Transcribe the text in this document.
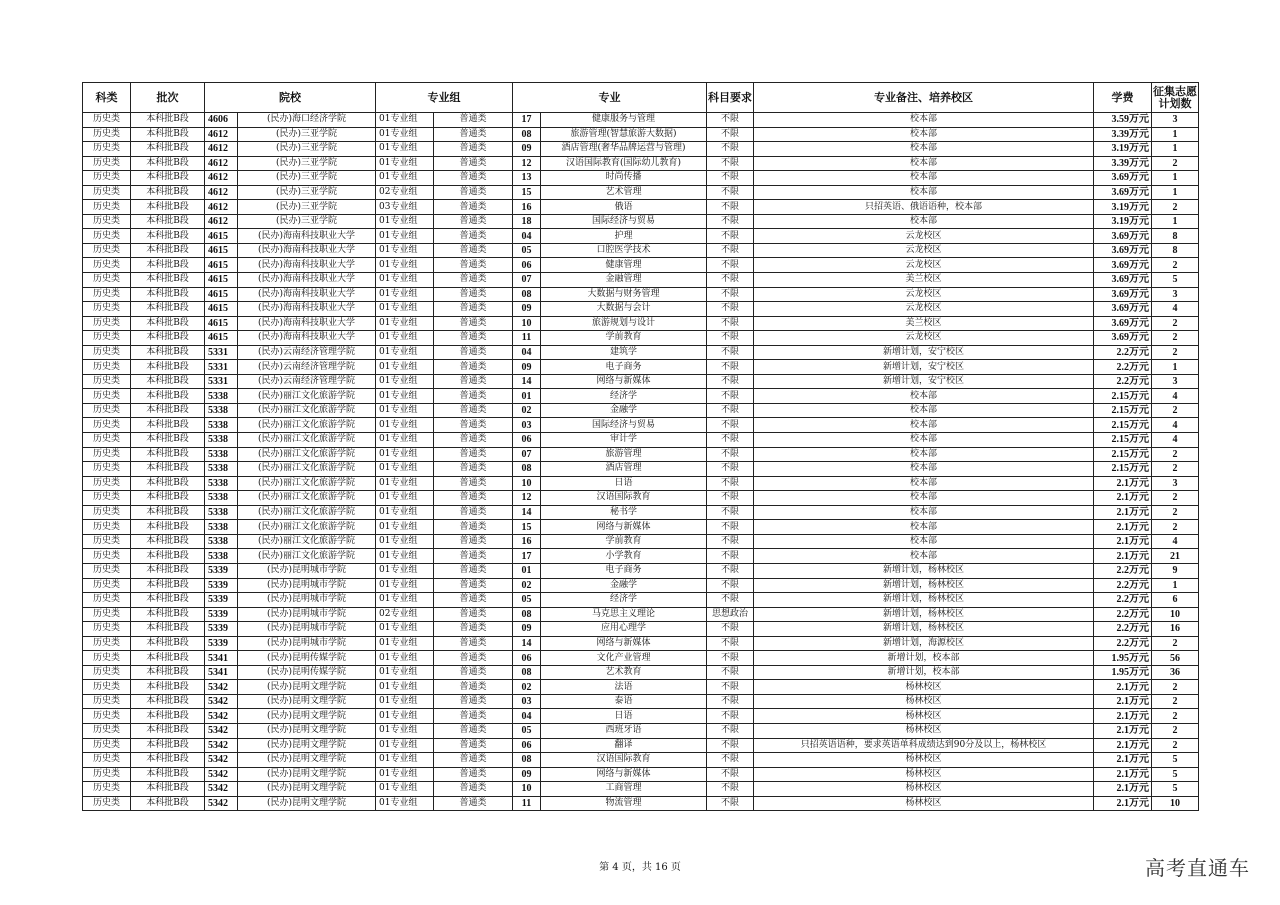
科类	批次	院校		专业组		专业		科目要求	专业备注、培养校区	学费	征集志愿
计划数
历史类	本科批B段	4606	(民办)海口经济学院	01专业组	普通类	17	健康服务与管理	不限	校本部	3.59万元	3
历史类	本科批B段	4612	(民办)三亚学院	01专业组	普通类	08	旅游管理(智慧旅游大数据)	不限	校本部	3.39万元	1
历史类	本科批B段	4612	(民办)三亚学院	01专业组	普通类	09	酒店管理(奢华品牌运营与管理)	不限	校本部	3.19万元	1
历史类	本科批B段	4612	(民办)三亚学院	01专业组	普通类	12	汉语国际教育(国际幼儿教育)	不限	校本部	3.39万元	2
历史类	本科批B段	4612	(民办)三亚学院	01专业组	普通类	13	时尚传播	不限	校本部	3.69万元	1
历史类	本科批B段	4612	(民办)三亚学院	02专业组	普通类	15	艺术管理	不限	校本部	3.69万元	1
历史类	本科批B段	4612	(民办)三亚学院	03专业组	普通类	16	俄语	不限	只招英语、俄语语种，校本部	3.19万元	2
历史类	本科批B段	4612	(民办)三亚学院	01专业组	普通类	18	国际经济与贸易	不限	校本部	3.19万元	1
历史类	本科批B段	4615	(民办)海南科技职业大学	01专业组	普通类	04	护理	不限	云龙校区	3.69万元	8
历史类	本科批B段	4615	(民办)海南科技职业大学	01专业组	普通类	05	口腔医学技术	不限	云龙校区	3.69万元	8
历史类	本科批B段	4615	(民办)海南科技职业大学	01专业组	普通类	06	健康管理	不限	云龙校区	3.69万元	2
历史类	本科批B段	4615	(民办)海南科技职业大学	01专业组	普通类	07	金融管理	不限	美兰校区	3.69万元	5
历史类	本科批B段	4615	(民办)海南科技职业大学	01专业组	普通类	08	大数据与财务管理	不限	云龙校区	3.69万元	3
历史类	本科批B段	4615	(民办)海南科技职业大学	01专业组	普通类	09	大数据与会计	不限	云龙校区	3.69万元	4
历史类	本科批B段	4615	(民办)海南科技职业大学	01专业组	普通类	10	旅游规划与设计	不限	美兰校区	3.69万元	2
历史类	本科批B段	4615	(民办)海南科技职业大学	01专业组	普通类	11	学前教育	不限	云龙校区	3.69万元	2
历史类	本科批B段	5331	(民办)云南经济管理学院	01专业组	普通类	04	建筑学	不限	新增计划，安宁校区	2.2万元	2
历史类	本科批B段	5331	(民办)云南经济管理学院	01专业组	普通类	09	电子商务	不限	新增计划，安宁校区	2.2万元	1
历史类	本科批B段	5331	(民办)云南经济管理学院	01专业组	普通类	14	网络与新媒体	不限	新增计划，安宁校区	2.2万元	3
历史类	本科批B段	5338	(民办)丽江文化旅游学院	01专业组	普通类	01	经济学	不限	校本部	2.15万元	4
历史类	本科批B段	5338	(民办)丽江文化旅游学院	01专业组	普通类	02	金融学	不限	校本部	2.15万元	2
历史类	本科批B段	5338	(民办)丽江文化旅游学院	01专业组	普通类	03	国际经济与贸易	不限	校本部	2.15万元	4
历史类	本科批B段	5338	(民办)丽江文化旅游学院	01专业组	普通类	06	审计学	不限	校本部	2.15万元	4
历史类	本科批B段	5338	(民办)丽江文化旅游学院	01专业组	普通类	07	旅游管理	不限	校本部	2.15万元	2
历史类	本科批B段	5338	(民办)丽江文化旅游学院	01专业组	普通类	08	酒店管理	不限	校本部	2.15万元	2
历史类	本科批B段	5338	(民办)丽江文化旅游学院	01专业组	普通类	10	日语	不限	校本部	2.1万元	3
历史类	本科批B段	5338	(民办)丽江文化旅游学院	01专业组	普通类	12	汉语国际教育	不限	校本部	2.1万元	2
历史类	本科批B段	5338	(民办)丽江文化旅游学院	01专业组	普通类	14	秘书学	不限	校本部	2.1万元	2
历史类	本科批B段	5338	(民办)丽江文化旅游学院	01专业组	普通类	15	网络与新媒体	不限	校本部	2.1万元	2
历史类	本科批B段	5338	(民办)丽江文化旅游学院	01专业组	普通类	16	学前教育	不限	校本部	2.1万元	4
历史类	本科批B段	5338	(民办)丽江文化旅游学院	01专业组	普通类	17	小学教育	不限	校本部	2.1万元	21
历史类	本科批B段	5339	(民办)昆明城市学院	01专业组	普通类	01	电子商务	不限	新增计划，杨林校区	2.2万元	9
历史类	本科批B段	5339	(民办)昆明城市学院	01专业组	普通类	02	金融学	不限	新增计划，杨林校区	2.2万元	1
历史类	本科批B段	5339	(民办)昆明城市学院	01专业组	普通类	05	经济学	不限	新增计划，杨林校区	2.2万元	6
历史类	本科批B段	5339	(民办)昆明城市学院	02专业组	普通类	08	马克思主义理论	思想政治	新增计划，杨林校区	2.2万元	10
历史类	本科批B段	5339	(民办)昆明城市学院	01专业组	普通类	09	应用心理学	不限	新增计划，杨林校区	2.2万元	16
历史类	本科批B段	5339	(民办)昆明城市学院	01专业组	普通类	14	网络与新媒体	不限	新增计划，海源校区	2.2万元	2
历史类	本科批B段	5341	(民办)昆明传媒学院	01专业组	普通类	06	文化产业管理	不限	新增计划，校本部	1.95万元	56
历史类	本科批B段	5341	(民办)昆明传媒学院	01专业组	普通类	08	艺术教育	不限	新增计划，校本部	1.95万元	36
历史类	本科批B段	5342	(民办)昆明文理学院	01专业组	普通类	02	法语	不限	杨林校区	2.1万元	2
历史类	本科批B段	5342	(民办)昆明文理学院	01专业组	普通类	03	泰语	不限	杨林校区	2.1万元	2
历史类	本科批B段	5342	(民办)昆明文理学院	01专业组	普通类	04	日语	不限	杨林校区	2.1万元	2
历史类	本科批B段	5342	(民办)昆明文理学院	01专业组	普通类	05	西班牙语	不限	杨林校区	2.1万元	2
历史类	本科批B段	5342	(民办)昆明文理学院	01专业组	普通类	06	翻译	不限	只招英语语种，要求英语单科成绩达到90分及以上，杨林校区	2.1万元	2
历史类	本科批B段	5342	(民办)昆明文理学院	01专业组	普通类	08	汉语国际教育	不限	杨林校区	2.1万元	5
历史类	本科批B段	5342	(民办)昆明文理学院	01专业组	普通类	09	网络与新媒体	不限	杨林校区	2.1万元	5
历史类	本科批B段	5342	(民办)昆明文理学院	01专业组	普通类	10	工商管理	不限	杨林校区	2.1万元	5
历史类	本科批B段	5342	(民办)昆明文理学院	01专业组	普通类	11	物流管理	不限	杨林校区	2.1万元	10
第 4 页，共 16 页	高考直通车
